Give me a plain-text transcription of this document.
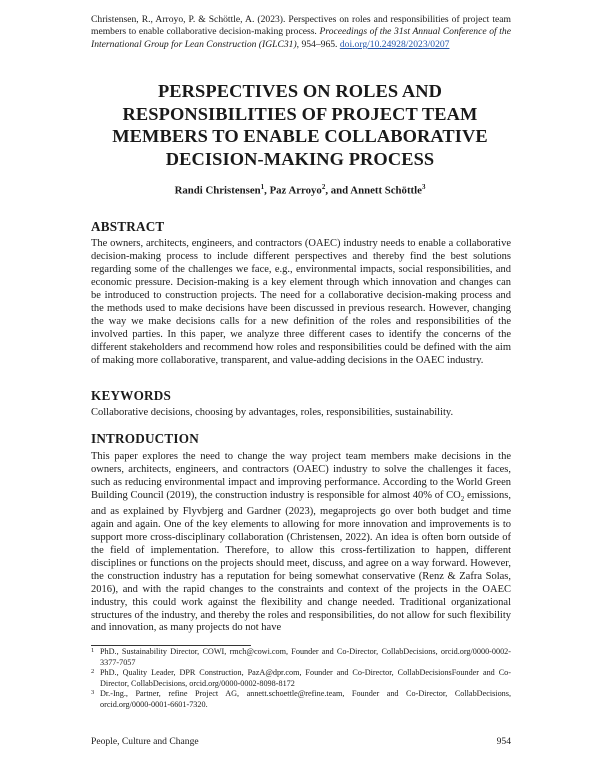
Christensen, R., Arroyo, P. & Schöttle, A. (2023). Perspectives on roles and responsibilities of project team members to enable collaborative decision-making process. Proceedings of the 31st Annual Conference of the International Group for Lean Construction (IGLC31), 954–965. doi.org/10.24928/2023/0207
PERSPECTIVES ON ROLES AND RESPONSIBILITIES OF PROJECT TEAM MEMBERS TO ENABLE COLLABORATIVE DECISION-MAKING PROCESS
Randi Christensen$^1$, Paz Arroyo$^2$, and Annett Schöttle$^3$
ABSTRACT

The owners, architects, engineers, and contractors (OAEC) industry needs to enable a collaborative decision-making process to include different perspectives and thereby find the best solutions regarding some of the challenges we face, e.g., environmental impacts, social responsibilities, and economic pressure. Decision-making is a key element through which innovation and changes can be introduced to construction projects. The need for a collaborative decision-making process and the methods used to make decisions have been discussed in previous research. However, changing the way we make decisions calls for a new definition of the roles and responsibilities of the involved parties. In this paper, we analyze three different cases to identify the concerns of the different stakeholders and recommend how roles and responsibilities could be defined with the aim of making more collaborative, transparent, and value-adding decisions in the OAEC industry.

KEYWORDS

Collaborative decisions, choosing by advantages, roles, responsibilities, sustainability.

INTRODUCTION

This paper explores the need to change the way project team members make decisions in the owners, architects, engineers, and contractors (OAEC) industry to solve the challenges it faces, such as reducing environmental impact and improving performance. According to the World Green Building Council (2019), the construction industry is responsible for almost 40% of $CO_2$ emissions, and as explained by Flyvbjerg and Gardner (2023), megaprojects go over both budget and time again and again. One of the key elements to allowing for more innovation and improvements is to support more cross-disciplinary collaboration (Christensen, 2022). An idea is often born outside of the field of implementation. Therefore, to allow this cross-fertilization to happen, different disciplines or functions on the projects should meet, discuss, and agree on a way forward. However, the construction industry has a reputation for being somewhat conservative (Renz & Zafra Solas, 2016), and with the rapid changes to the constraints and context of the projects in the OAEC industry, this could work against the flexibility and change needed. Traditional organizational structures of the industry, and thereby the roles and responsibilities, do not allow for such flexibility and innovation, as many projects do not have

1 PhD., Sustainability Director, COWI, rmch@cowi.com, Founder and Co-Director, CollabDecisions, orcid.org/0000-0002-3377-7057
2 PhD., Quality Leader, DPR Construction, PazA@dpr.com, Founder and Co-Director, CollabDecisionsFounder and Co-Director, CollabDecisions, orcid.org/0000-0002-8098-8172
3 Dr.-Ing., Partner, refine Project AG, annett.schoettle@refine.team, Founder and Co-Director, CollabDecisions, orcid.org/0000-0001-6601-7320.
People, Culture and Change	954
